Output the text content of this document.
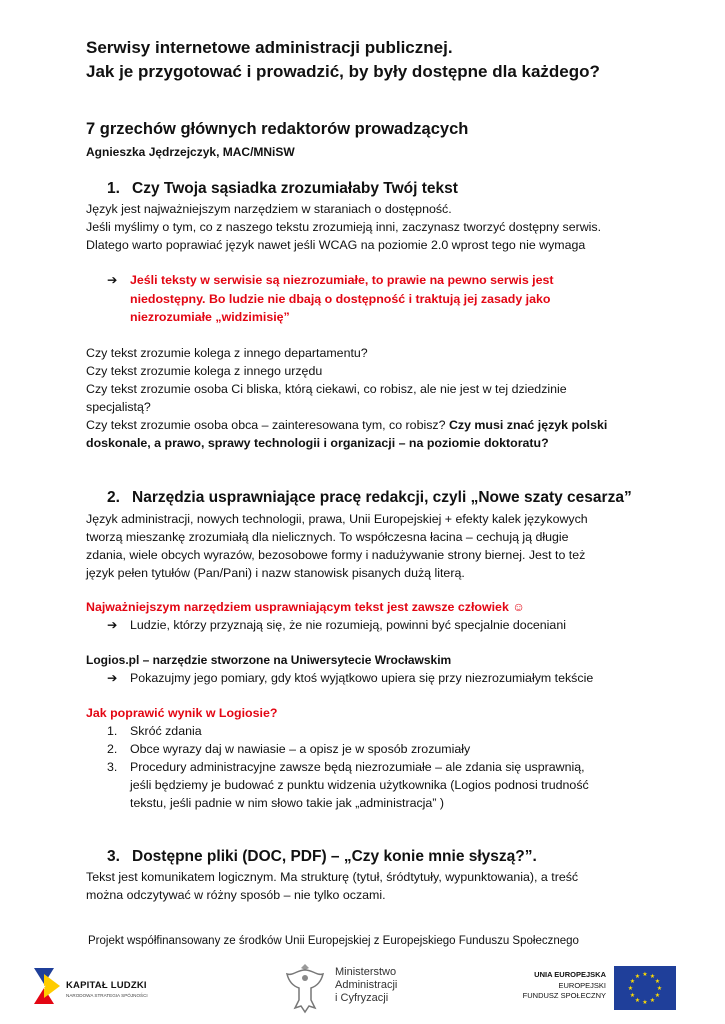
Serwisy internetowe administracji publicznej.
Jak je przygotować i prowadzić, by były dostępne dla każdego?
7 grzechów głównych redaktorów prowadzących
Agnieszka Jędrzejczyk, MAC/MNiSW
1. Czy Twoja sąsiadka zrozumiałaby Twój tekst
Język jest najważniejszym narzędziem w staraniach o dostępność.
Jeśli myślimy o tym, co z naszego tekstu zrozumieją inni, zaczynasz tworzyć dostępny serwis.
Dlatego warto poprawiać język nawet jeśli WCAG na poziomie 2.0 wprost tego nie wymaga
➔ Jeśli teksty w serwisie są niezrozumiałe, to prawie na pewno serwis jest
niedostępny. Bo ludzie nie dbają o dostępność i traktują jej zasady jako
niezrozumiałe „widzimisię”
Czy tekst zrozumie kolega z innego departamentu?
Czy tekst zrozumie kolega z innego urzędu
Czy tekst zrozumie osoba Ci bliska, którą ciekawi, co robisz, ale nie jest w tej dziedzinie
specjalistą?
Czy tekst zrozumie osoba obca – zainteresowana tym, co robisz? Czy musi znać język polski
doskonale, a prawo, sprawy technologii i organizacji – na poziomie doktoratu?
2. Narzędzia usprawniające pracę redakcji, czyli „Nowe szaty cesarza”
Język administracji, nowych technologii, prawa, Unii Europejskiej + efekty kalek językowych
tworzą mieszankę zrozumiałą dla nielicznych. To współczesna łacina – cechują ją długie
zdania, wiele obcych wyrazów, bezosobowe formy i nadużywanie strony biernej. Jest to też
język pełen tytułów (Pan/Pani) i nazw stanowisk pisanych dużą literą.
Najważniejszym narzędziem usprawniającym tekst jest zawsze człowiek ☺
➔ Ludzie, którzy przyznają się, że nie rozumieją, powinni być specjalnie doceniani
Logios.pl – narzędzie stworzone na Uniwersytecie Wrocławskim
➔ Pokazujmy jego pomiary, gdy ktoś wyjątkowo upiera się przy niezrozumiałym tekście
Jak poprawić wynik w Logiosie?
1. Skróć zdania
2. Obce wyrazy daj w nawiasie – a opisz je w sposób zrozumiały
3. Procedury administracyjne zawsze będą niezrozumiałe – ale zdania się usprawnią,
jeśli będziemy je budować z punktu widzenia użytkownika (Logios podnosi trudność
tekstu, jeśli padnie w nim słowo takie jak „administracja” )
3. Dostępne pliki (DOC, PDF) – „Czy konie mnie słyszą?”.
Tekst jest komunikatem logicznym. Ma strukturę (tytuł, śródtytuły, wypunktowania), a treść
można odczytywać w różny sposób – nie tylko oczami.
Projekt współfinansowany ze środków Unii Europejskiej z Europejskiego Funduszu Społecznego
★ KAPITAŁ LUDZKI
NARODOWA STRATEGIA SPÓJNOŚCI
Ministerstwo
Administracji
i Cyfryzacji
UNIA EUROPEJSKA
EUROPEJSKI
FUNDUSZ SPOŁECZNY
★ ★
★
★
★
★
★
★
★
★
★
★
